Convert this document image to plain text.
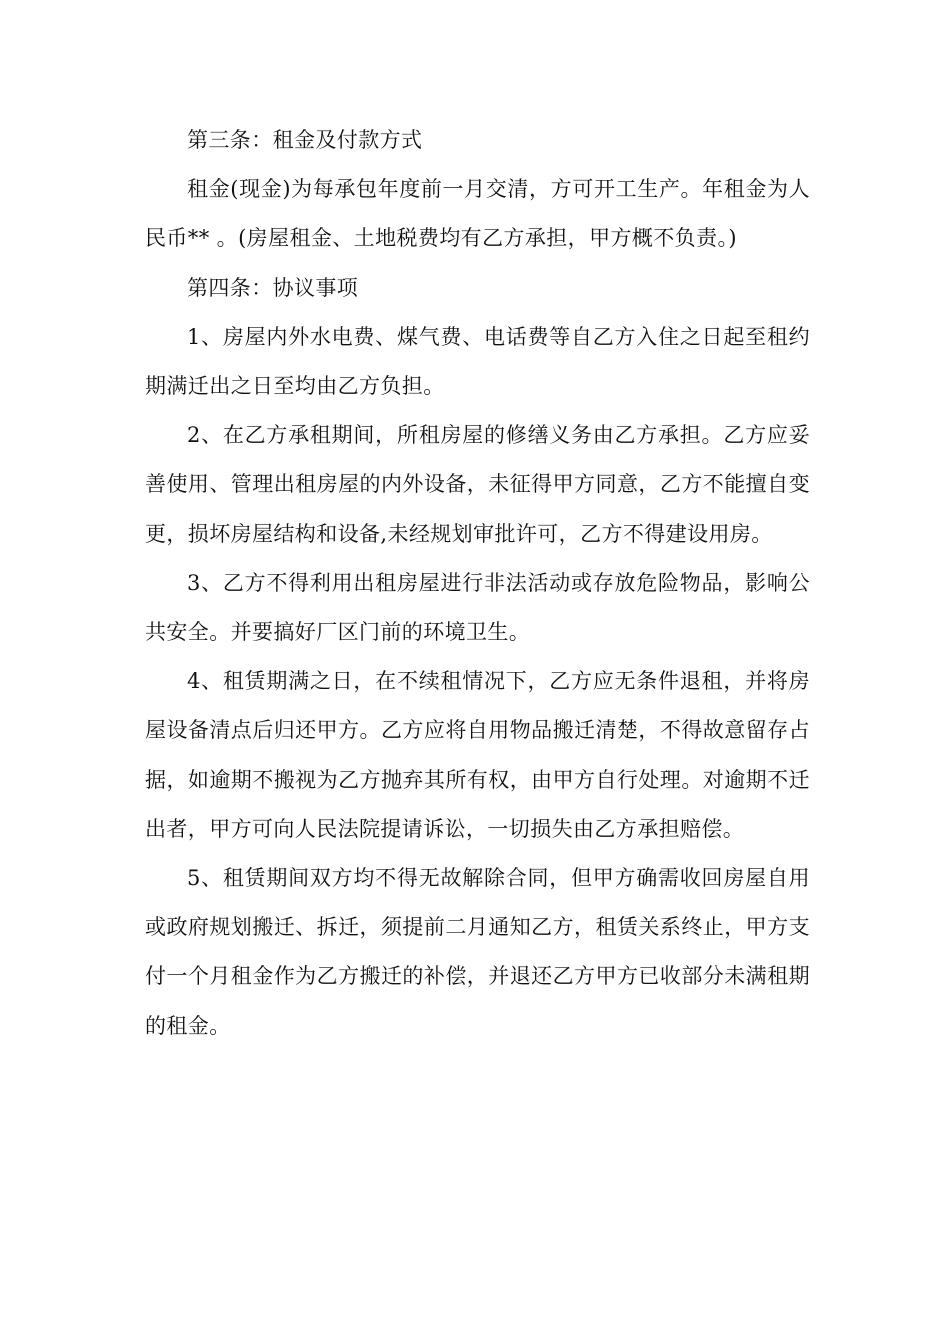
第三条：租金及付款方式

租金(现金)为每承包年度前一月交清，方可开工生产。年租金为人民币** 。(房屋租金、土地税费均有乙方承担，甲方概不负责。)

第四条：协议事项

1、房屋内外水电费、煤气费、电话费等自乙方入住之日起至租约期满迁出之日至均由乙方负担。

2、在乙方承租期间，所租房屋的修缮义务由乙方承担。乙方应妥善使用、管理出租房屋的内外设备，未征得甲方同意，乙方不能擅自变更，损坏房屋结构和设备,未经规划审批许可，乙方不得建设用房。

3、乙方不得利用出租房屋进行非法活动或存放危险物品，影响公共安全。并要搞好厂区门前的环境卫生。

4、租赁期满之日，在不续租情况下，乙方应无条件退租，并将房屋设备清点后归还甲方。乙方应将自用物品搬迁清楚，不得故意留存占据，如逾期不搬视为乙方抛弃其所有权，由甲方自行处理。对逾期不迁出者，甲方可向人民法院提请诉讼，一切损失由乙方承担赔偿。

5、租赁期间双方均不得无故解除合同，但甲方确需收回房屋自用或政府规划搬迁、拆迁，须提前二月通知乙方，租赁关系终止，甲方支付一个月租金作为乙方搬迁的补偿，并退还乙方甲方已收部分未满租期的租金。
